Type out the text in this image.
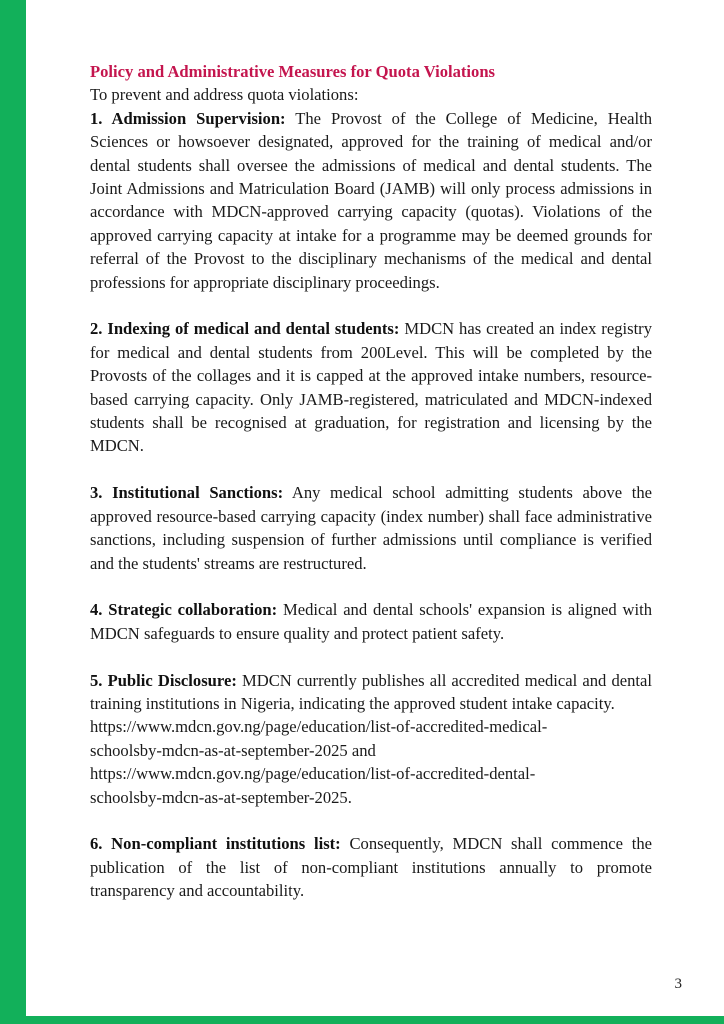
Policy and Administrative Measures for Quota Violations
To prevent and address quota violations:

1. Admission Supervision: The Provost of the College of Medicine, Health Sciences or howsoever designated, approved for the training of medical and/or dental students shall oversee the admissions of medical and dental students. The Joint Admissions and Matriculation Board (JAMB) will only process admissions in accordance with MDCN-approved carrying capacity (quotas). Violations of the approved carrying capacity at intake for a programme may be deemed grounds for referral of the Provost to the disciplinary mechanisms of the medical and dental professions for appropriate disciplinary proceedings.

2. Indexing of medical and dental students: MDCN has created an index registry for medical and dental students from 200Level. This will be completed by the Provosts of the collages and it is capped at the approved intake numbers, resource-based carrying capacity. Only JAMB-registered, matriculated and MDCN-indexed students shall be recognised at graduation, for registration and licensing by the MDCN.

3. Institutional Sanctions: Any medical school admitting students above the approved resource-based carrying capacity (index number) shall face administrative sanctions, including suspension of further admissions until compliance is verified and the students' streams are restructured.

4. Strategic collaboration: Medical and dental schools' expansion is aligned with MDCN safeguards to ensure quality and protect patient safety.

5. Public Disclosure: MDCN currently publishes all accredited medical and dental training institutions in Nigeria, indicating the approved student intake capacity.

https://www.mdcn.gov.ng/page/education/list-of-accredited-medical-
schoolsby-mdcn-as-at-september-2025 and
https://www.mdcn.gov.ng/page/education/list-of-accredited-dental-
schoolsby-mdcn-as-at-september-2025.

6. Non-compliant institutions list: Consequently, MDCN shall commence the publication of the list of non-compliant institutions annually to promote transparency and accountability.

3
